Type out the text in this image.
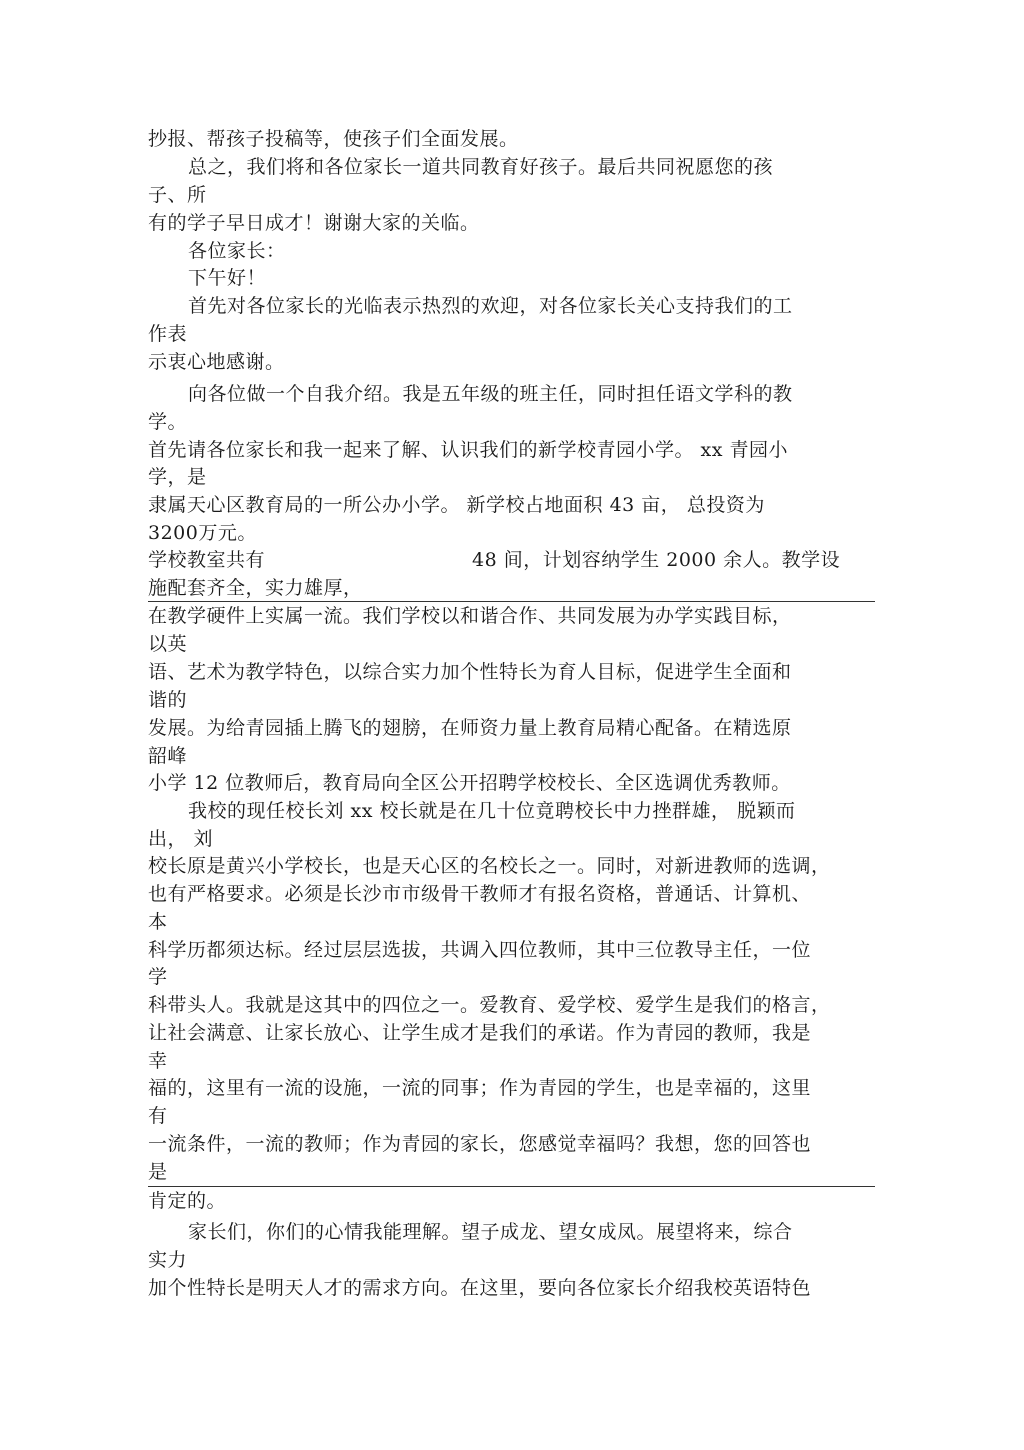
抄报、帮孩子投稿等，使孩子们全面发展。
总之，我们将和各位家长一道共同教育好孩子。最后共同祝愿您的孩
子、所
有的学子早日成才！谢谢大家的关临。
各位家长：
下午好！
首先对各位家长的光临表示热烈的欢迎，对各位家长关心支持我们的工
作表
示衷心地感谢。
向各位做一个自我介绍。我是五年级的班主任，同时担任语文学科的教
学。
首先请各位家长和我一起来了解、认识我们的新学校青园小学。 xx 青园小
学，是
隶属天心区教育局的一所公办小学。 新学校占地面积 43 亩， 总投资为
3200万元。
学校教室共有	48 间，计划容纳学生 2000 余人。教学设
施配套齐全，实力雄厚，
在教学硬件上实属一流。我们学校以和谐合作、共同发展为办学实践目标，
以英
语、艺术为教学特色，以综合实力加个性特长为育人目标，促进学生全面和
谐的
发展。为给青园插上腾飞的翅膀，在师资力量上教育局精心配备。在精选原
韶峰
小学 12 位教师后，教育局向全区公开招聘学校校长、全区选调优秀教师。
我校的现任校长刘 xx 校长就是在几十位竟聘校长中力挫群雄， 脱颖而
出， 刘
校长原是黄兴小学校长，也是天心区的名校长之一。同时，对新进教师的选调，
也有严格要求。必须是长沙市市级骨干教师才有报名资格，普通话、计算机、
本
科学历都须达标。经过层层选拔，共调入四位教师，其中三位教导主任，一位
学
科带头人。我就是这其中的四位之一。爱教育、爱学校、爱学生是我们的格言，
让社会满意、让家长放心、让学生成才是我们的承诺。作为青园的教师，我是
幸
福的，这里有一流的设施，一流的同事；作为青园的学生，也是幸福的，这里
有
一流条件，一流的教师；作为青园的家长，您感觉幸福吗？我想，您的回答也
是
肯定的。
家长们，你们的心情我能理解。望子成龙、望女成凤。展望将来，综合
实力
加个性特长是明天人才的需求方向。在这里，要向各位家长介绍我校英语特色
